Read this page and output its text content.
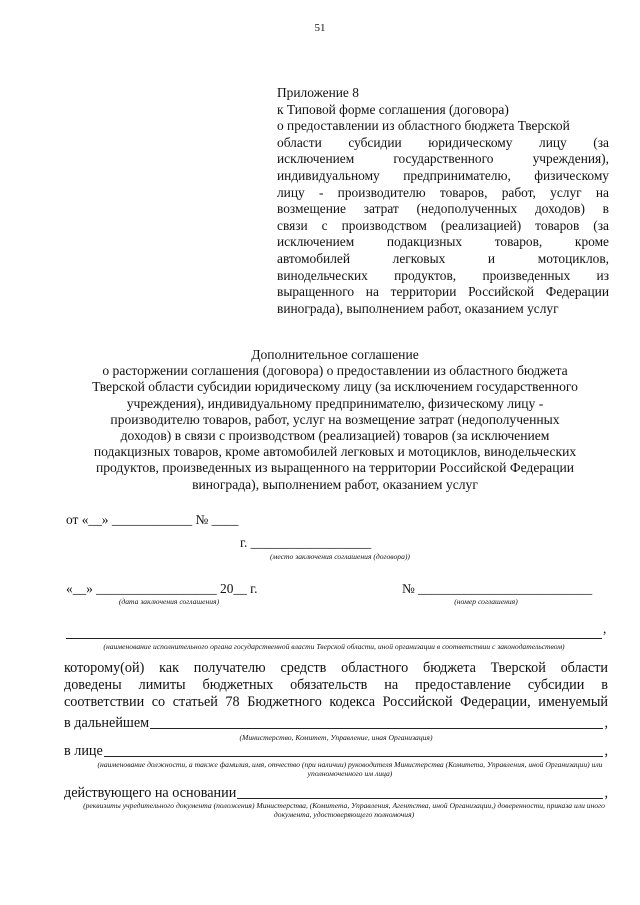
51
Приложение 8
к Типовой форме соглашения (договора)
о предоставлении из областного бюджета Тверской
области субсидии юридическому лицу (за
исключением государственного учреждения),
индивидуальному предпринимателю, физическому
лицу - производителю товаров, работ, услуг на
возмещение затрат (недополученных доходов) в
связи с производством (реализацией) товаров (за
исключением подакцизных товаров, кроме
автомобилей легковых и мотоциклов,
винодельческих продуктов, произведенных из
выращенного на территории Российской Федерации
винограда), выполнением работ, оказанием услуг
Дополнительное соглашение
о расторжении соглашения (договора) о предоставлении из областного бюджета
Тверской области субсидии юридическому лицу (за исключением государственного
учреждения), индивидуальному предпринимателю, физическому лицу -
производителю товаров, работ, услуг на возмещение затрат (недополученных
доходов) в связи с производством (реализацией) товаров (за исключением
подакцизных товаров, кроме автомобилей легковых и мотоциклов, винодельческих
продуктов, произведенных из выращенного на территории Российской Федерации
винограда), выполнением работ, оказанием услуг
от «__» ____________ № ____
г. __________________
(место заключения соглашения (договора))
«__» __________________ 20__ г.
(дата заключения соглашения)
№ __________________________
(номер соглашения)
,
(наименование исполнительного органа государственной власти Тверской области, иной организации в соответствии с законодательством)
которому(ой) как получателю средств областного бюджета Тверской области
доведены лимиты бюджетных обязательств на предоставление субсидии в
соответствии со статьей 78 Бюджетного кодекса Российской Федерации, именуемый
в дальнейшем	,
(Министерство, Комитет, Управление, иная Организация)
в лице	,
(наименование должности, а также фамилия, имя, отчество (при наличии) руководителя Министерства (Комитета, Управления, иной Организации) или уполномоченного им лица)
действующего на основании	,
(реквизиты учредительного документа (положения) Министерства, (Комитета, Управления, Агентства, иной Организации,) доверенности, приказа или иного документа, удостоверяющего полномочия)
